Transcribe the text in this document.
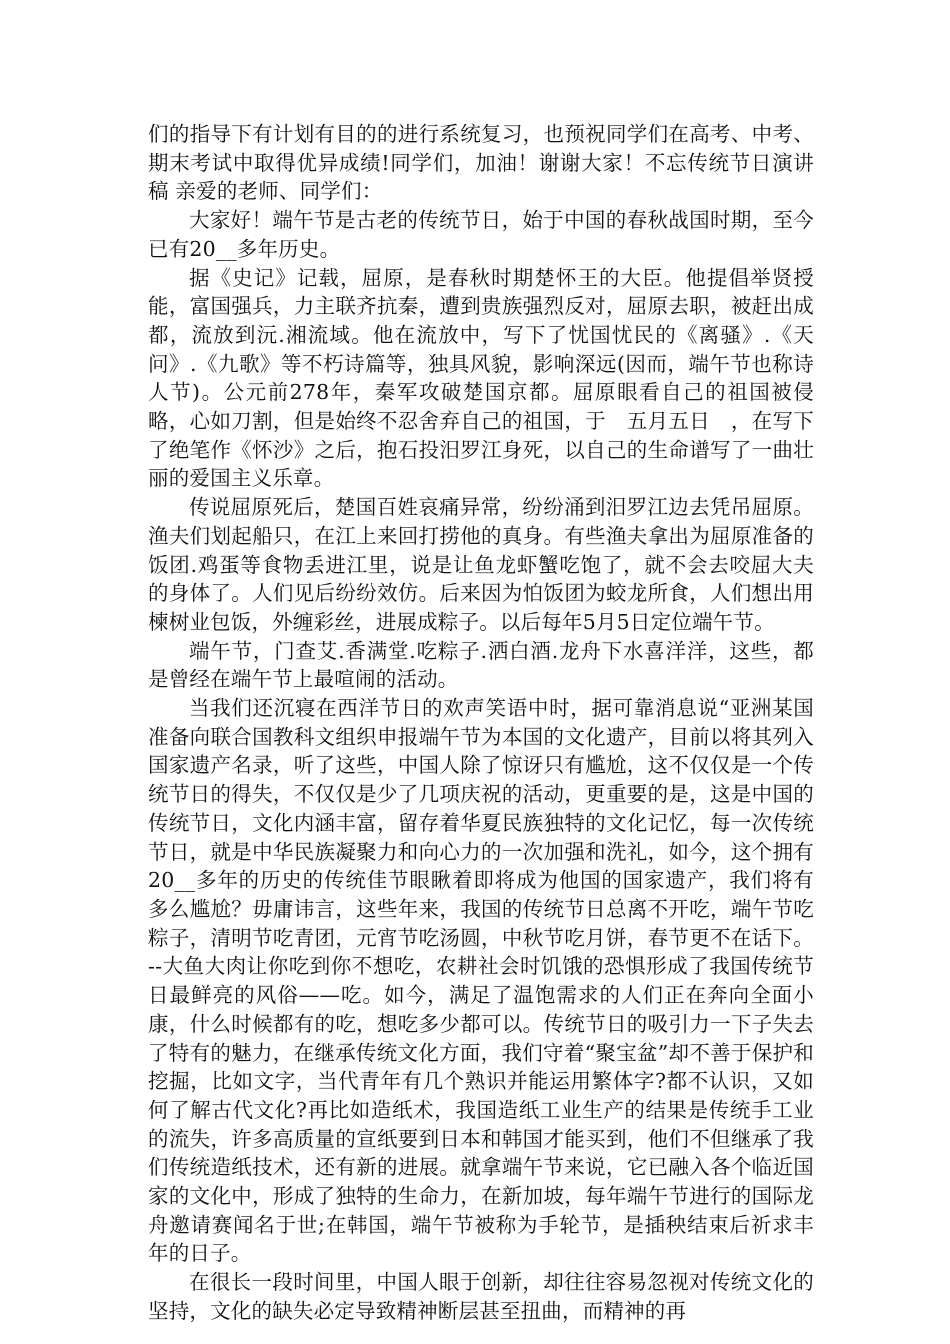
们的指导下有计划有目的的进行系统复习，也预祝同学们在高考、中考、期末考试中取得优异成绩!同学们，加油！谢谢大家！不忘传统节日演讲稿 亲爱的老师、同学们：

大家好！端午节是古老的传统节日，始于中国的春秋战国时期，至今已有20__多年历史。

据《史记》记载，屈原，是春秋时期楚怀王的大臣。他提倡举贤授能，富国强兵，力主联齐抗秦，遭到贵族强烈反对，屈原去职，被赶出成都，流放到沅.湘流域。他在流放中，写下了忧国忧民的《离骚》.《天问》.《九歌》等不朽诗篇等，独具风貌，影响深远(因而，端午节也称诗人节)。公元前278年，秦军攻破楚国京都。屈原眼看自己的祖国被侵略，心如刀割，但是始终不忍舍弃自己的祖国，于　五月五日　，在写下了绝笔作《怀沙》之后，抱石投汨罗江身死，以自己的生命谱写了一曲壮丽的爱国主义乐章。

传说屈原死后，楚国百姓哀痛异常，纷纷涌到汨罗江边去凭吊屈原。渔夫们划起船只，在江上来回打捞他的真身。有些渔夫拿出为屈原准备的饭团.鸡蛋等食物丢进江里，说是让鱼龙虾蟹吃饱了，就不会去咬屈大夫的身体了。人们见后纷纷效仿。后来因为怕饭团为蛟龙所食，人们想出用楝树业包饭，外缠彩丝，进展成粽子。以后每年5月5日定位端午节。

端午节，门查艾.香满堂.吃粽子.洒白酒.龙舟下水喜洋洋，这些，都是曾经在端午节上最喧闹的活动。

当我们还沉寝在西洋节日的欢声笑语中时，据可靠消息说“亚洲某国准备向联合国教科文组织申报端午节为本国的文化遗产，目前以将其列入国家遗产名录，听了这些，中国人除了惊讶只有尴尬，这不仅仅是一个传统节日的得失，不仅仅是少了几项庆祝的活动，更重要的是，这是中国的传统节日，文化内涵丰富，留存着华夏民族独特的文化记忆，每一次传统节日，就是中华民族凝聚力和向心力的一次加强和洗礼，如今，这个拥有20__多年的历史的传统佳节眼瞅着即将成为他国的国家遗产，我们将有多么尴尬？毋庸讳言，这些年来，我国的传统节日总离不开吃，端午节吃粽子，清明节吃青团，元宵节吃汤圆，中秋节吃月饼，春节更不在话下。--大鱼大肉让你吃到你不想吃，农耕社会时饥饿的恐惧形成了我国传统节日最鲜亮的风俗——吃。如今，满足了温饱需求的人们正在奔向全面小康，什么时候都有的吃，想吃多少都可以。传统节日的吸引力一下子失去了特有的魅力，在继承传统文化方面，我们守着“聚宝盆”却不善于保护和挖掘，比如文字，当代青年有几个熟识并能运用繁体字?都不认识，又如何了解古代文化?再比如造纸术，我国造纸工业生产的结果是传统手工业的流失，许多高质量的宣纸要到日本和韩国才能买到，他们不但继承了我们传统造纸技术，还有新的进展。就拿端午节来说，它已融入各个临近国家的文化中，形成了独特的生命力，在新加坡，每年端午节进行的国际龙舟邀请赛闻名于世;在韩国，端午节被称为手轮节，是插秧结束后祈求丰年的日子。

在很长一段时间里，中国人眼于创新，却往往容易忽视对传统文化的坚持，文化的缺失必定导致精神断层甚至扭曲，而精神的再
